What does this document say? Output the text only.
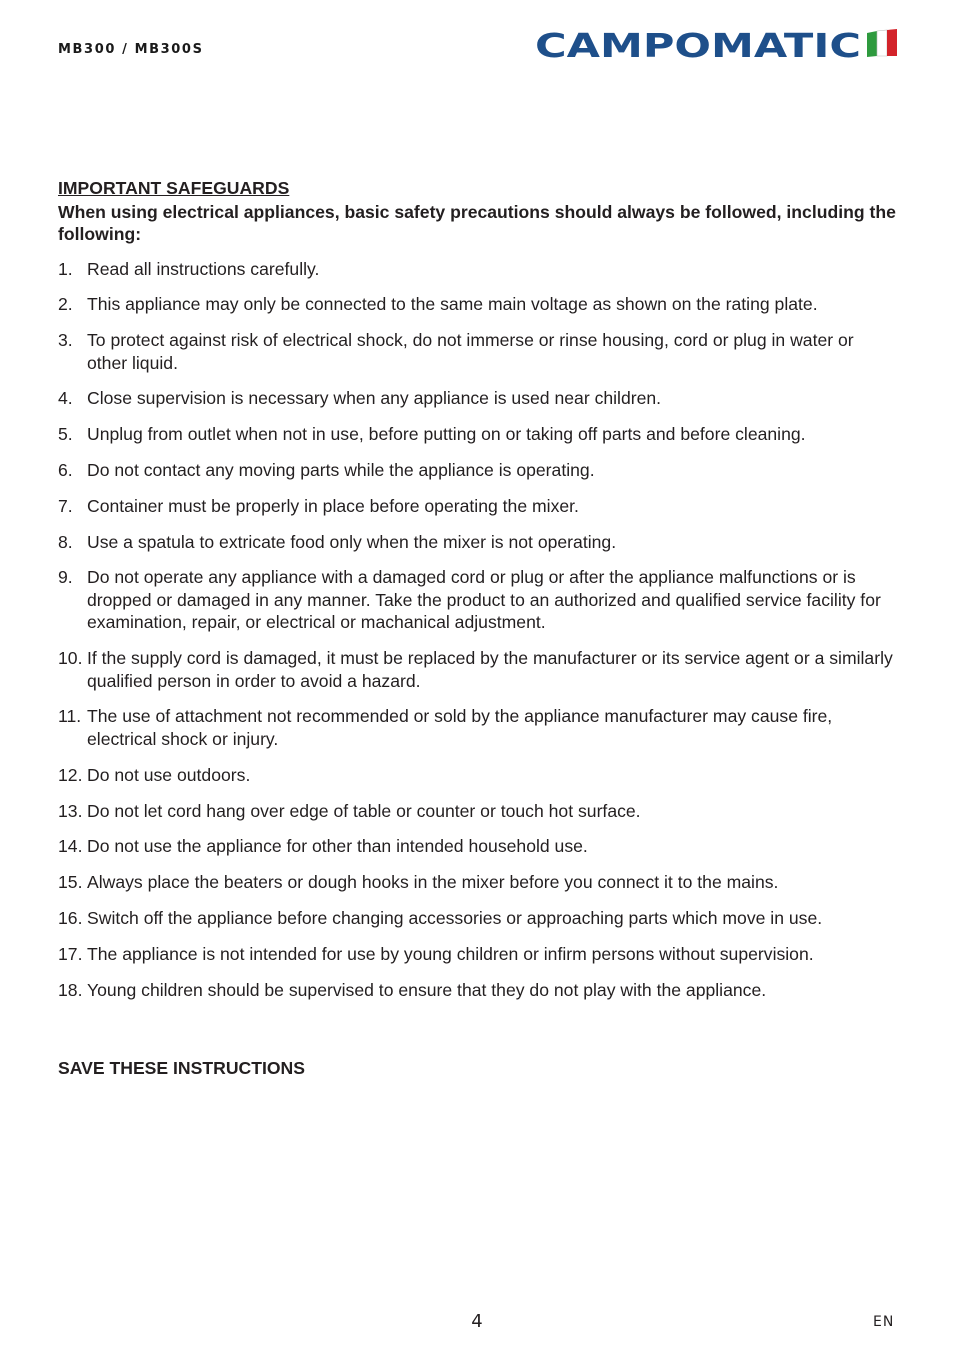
MB300 / MB300S	CAMPOMATIC

IMPORTANT SAFEGUARDS

When using electrical appliances, basic safety precautions should always be followed, including the following:

1. Read all instructions carefully.
2. This appliance may only be connected to the same main voltage as shown on the rating plate.
3. To protect against risk of electrical shock, do not immerse or rinse housing, cord or plug in water or other liquid.
4. Close supervision is necessary when any appliance is used near children.
5. Unplug from outlet when not in use, before putting on or taking off parts and before cleaning.
6. Do not contact any moving parts while the appliance is operating.
7. Container must be properly in place before operating the mixer.
8. Use a spatula to extricate food only when the mixer is not operating.
9. Do not operate any appliance with a damaged cord or plug or after the appliance malfunctions or is dropped or damaged in any manner. Take the product to an authorized and qualified service facility for examination, repair, or electrical or machanical adjustment.
10. If the supply cord is damaged, it must be replaced by the manufacturer or its service agent or a similarly qualified person in order to avoid a hazard.
11. The use of attachment not recommended or sold by the appliance manufacturer may cause fire, electrical shock or injury.
12. Do not use outdoors.
13. Do not let cord hang over edge of table or counter or touch hot surface.
14. Do not use the appliance for other than intended household use.
15. Always place the beaters or dough hooks in the mixer before you connect it to the mains.
16. Switch off the appliance before changing accessories or approaching parts which move in use.
17. The appliance is not intended for use by young children or infirm persons without supervision.
18. Young children should be supervised to ensure that they do not play with the appliance.
SAVE THESE INSTRUCTIONS
4	EN
